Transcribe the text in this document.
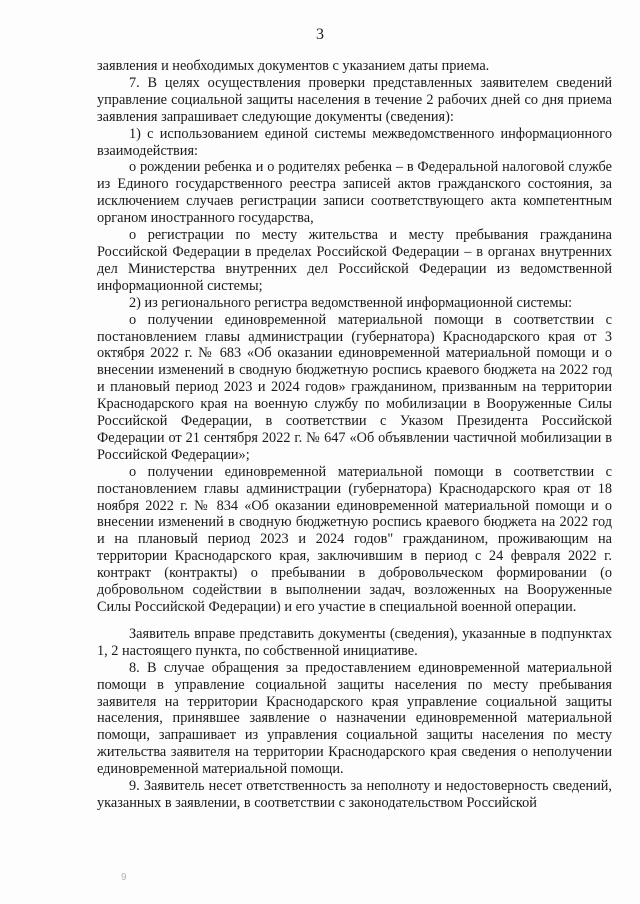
3

заявления и необходимых документов с указанием даты приема.

7. В целях осуществления проверки представленных заявителем сведений управление социальной защиты населения в течение 2 рабочих дней со дня приема заявления запрашивает следующие документы (сведения):

1) с использованием единой системы межведомственного информационного взаимодействия:

о рождении ребенка и о родителях ребенка – в Федеральной налоговой службе из Единого государственного реестра записей актов гражданского состояния, за исключением случаев регистрации записи соответствующего акта компетентным органом иностранного государства,

о регистрации по месту жительства и месту пребывания гражданина Российской Федерации в пределах Российской Федерации – в органах внутренних дел Министерства внутренних дел Российской Федерации из ведомственной информационной системы;

2) из регионального регистра ведомственной информационной системы:

о получении единовременной материальной помощи в соответствии с постановлением главы администрации (губернатора) Краснодарского края от 3 октября 2022 г. № 683 «Об оказании единовременной материальной помощи и о внесении изменений в сводную бюджетную роспись краевого бюджета на 2022 год и плановый период 2023 и 2024 годов» гражданином, призванным на территории Краснодарского края на военную службу по мобилизации в Вооруженные Силы Российской Федерации, в соответствии с Указом Президента Российской Федерации от 21 сентября 2022 г. № 647 «Об объявлении частичной мобилизации в Российской Федерации»;

о получении единовременной материальной помощи в соответствии с постановлением главы администрации (губернатора) Краснодарского края от 18 ноября 2022 г. № 834 «Об оказании единовременной материальной помощи и о внесении изменений в сводную бюджетную роспись краевого бюджета на 2022 год и на плановый период 2023 и 2024 годов" гражданином, проживающим на территории Краснодарского края, заключившим в период с 24 февраля 2022 г. контракт (контракты) о пребывании в добровольческом формировании (о добровольном содействии в выполнении задач, возложенных на Вооруженные Силы Российской Федерации) и его участие в специальной военной операции.

Заявитель вправе представить документы (сведения), указанные в подпунктах 1, 2 настоящего пункта, по собственной инициативе.

8. В случае обращения за предоставлением единовременной материальной помощи в управление социальной защиты населения по месту пребывания заявителя на территории Краснодарского края управление социальной защиты населения, принявшее заявление о назначении единовременной материальной помощи, запрашивает из управления социальной защиты населения по месту жительства заявителя на территории Краснодарского края сведения о неполучении единовременной материальной помощи.

9. Заявитель несет ответственность за неполноту и недостоверность сведений, указанных в заявлении, в соответствии с законодательством Российской

9
